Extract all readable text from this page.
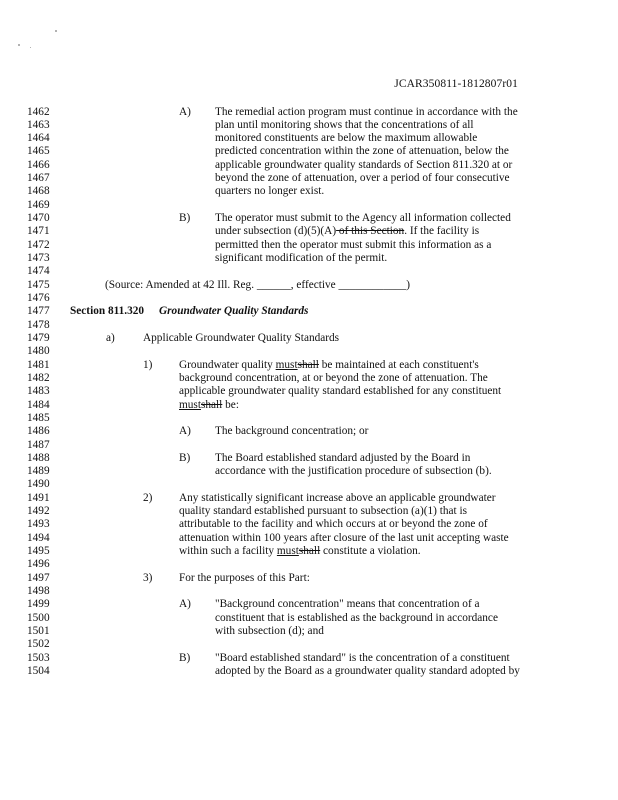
JCAR350811-1812807r01
1462	A) The remedial action program must continue in accordance with the
1463	plan until monitoring shows that the concentrations of all
1464	monitored constituents are below the maximum allowable
1465	predicted concentration within the zone of attenuation, below the
1466	applicable groundwater quality standards of Section 811.320 at or
1467	beyond the zone of attenuation, over a period of four consecutive
1468	quarters no longer exist.
1469
1470	B) The operator must submit to the Agency all information collected
1471	under subsection (d)(5)(A) of this Section. If the facility is
1472	permitted then the operator must submit this information as a
1473	significant modification of the permit.
1474
1475	(Source: Amended at 42 Ill. Reg. ______, effective ____________)
1476
1477	Section 811.320 Groundwater Quality Standards
1478
1479	a) Applicable Groundwater Quality Standards
1480
1481	1) Groundwater quality mustshall be maintained at each constituent's
1482	background concentration, at or beyond the zone of attenuation. The
1483	applicable groundwater quality standard established for any constituent
1484	mustshall be:
1485
1486	A) The background concentration; or
1487
1488	B) The Board established standard adjusted by the Board in
1489	accordance with the justification procedure of subsection (b).
1490
1491	2) Any statistically significant increase above an applicable groundwater
1492	quality standard established pursuant to subsection (a)(1) that is
1493	attributable to the facility and which occurs at or beyond the zone of
1494	attenuation within 100 years after closure of the last unit accepting waste
1495	within such a facility mustshall constitute a violation.
1496
1497	3) For the purposes of this Part:
1498
1499	A) "Background concentration" means that concentration of a
1500	constituent that is established as the background in accordance
1501	with subsection (d); and
1502
1503	B) "Board established standard" is the concentration of a constituent
1504	adopted by the Board as a groundwater quality standard adopted by
